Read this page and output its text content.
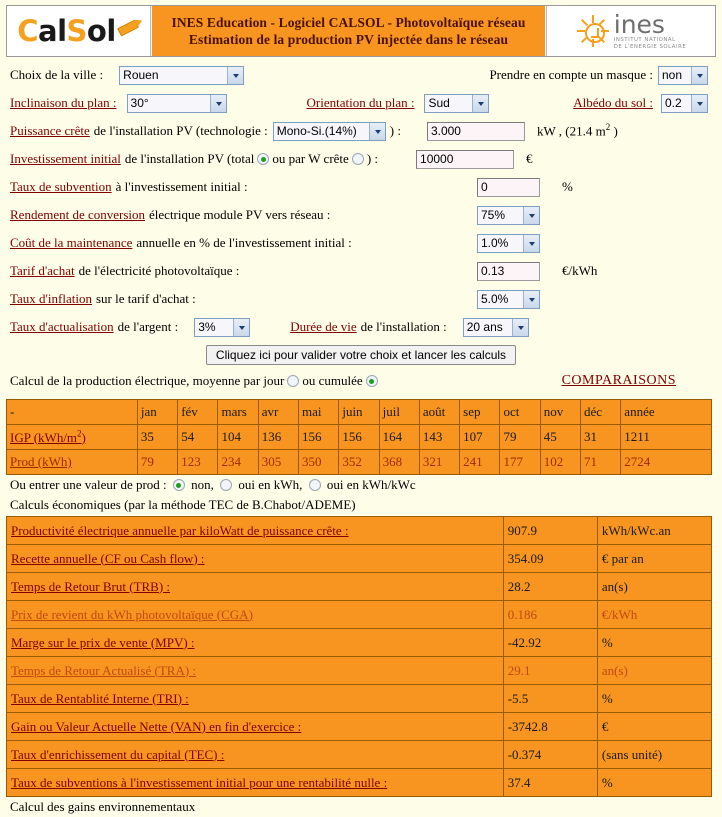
CalSol	INES Education - Logiciel CALSOL - Photovoltaïque réseau
Estimation de la production PV injectée dans le réseau
ines
INSTITUT NATIONAL
DE L'ENERGIE SOLAIRE
Choix de la ville :
Rouen	Prendre en compte un masque :
non
Inclinaison du plan :
30°	Orientation du plan :
Sud	Albédo du sol :
0.2
Puissance crête de l'installation PV (technologie :
Mono-Si.(14%)	) :
3.000	kW , (21.4 $m^2$ )
Investissement initial de l'installation PV (total ou par W crête ) :
10000	€
Taux de subvention à l'investissement initial :
0	%
Rendement de conversion électrique module PV vers réseau :
75%
Coût de la maintenance annuelle en % de l'investissement initial :
1.0%
Tarif d'achat de l'électricité photovoltaïque :
0.13	€/kWh
Taux d'inflation sur le tarif d'achat :
5.0%
Taux d'actualisation de l'argent :
3%	Durée de vie de l'installation :
20 ans
Cliquez ici pour valider votre choix et lancer les calculs
Calcul de la production électrique, moyenne par jour ou cumulée	COMPARAISONS
-	jan	fév	mars	avr	mai	juin	juil	août	sep	oct	nov	déc	année
IGP $(kWh/m^2)$	35	54	104	136	156	156	164	143	107	79	45	31	1211
Prod (kWh)	79	123	234	305	350	352	368	321	241	177	102	71	2724
Ou entrer une valeur de prod : non, oui en kWh, oui en kWh/kWc
Calculs économiques (par la méthode TEC de B.Chabot/ADEME)
Productivité électrique annuelle par kiloWatt de puissance crête :	907.9	kWh/kWc.an
Recette annuelle (CF ou Cash flow) :	354.09	€ par an
Temps de Retour Brut (TRB) :	28.2	an(s)
Prix de revient du kWh photovoltaïque (CGA)	0.186	€/kWh
Marge sur le prix de vente (MPV) :	-42.92	%
Temps de Retour Actualisé (TRA) :	29.1	an(s)
Taux de Rentablité Interne (TRI) :	-5.5	%
Gain ou Valeur Actuelle Nette (VAN) en fin d'exercice :	-3742.8	€
Taux d'enrichissement du capital (TEC) :	-0.374	(sans unité)
Taux de subventions à l'investissement initial pour une rentabilité nulle :	37.4	%
Calcul des gains environnementaux
